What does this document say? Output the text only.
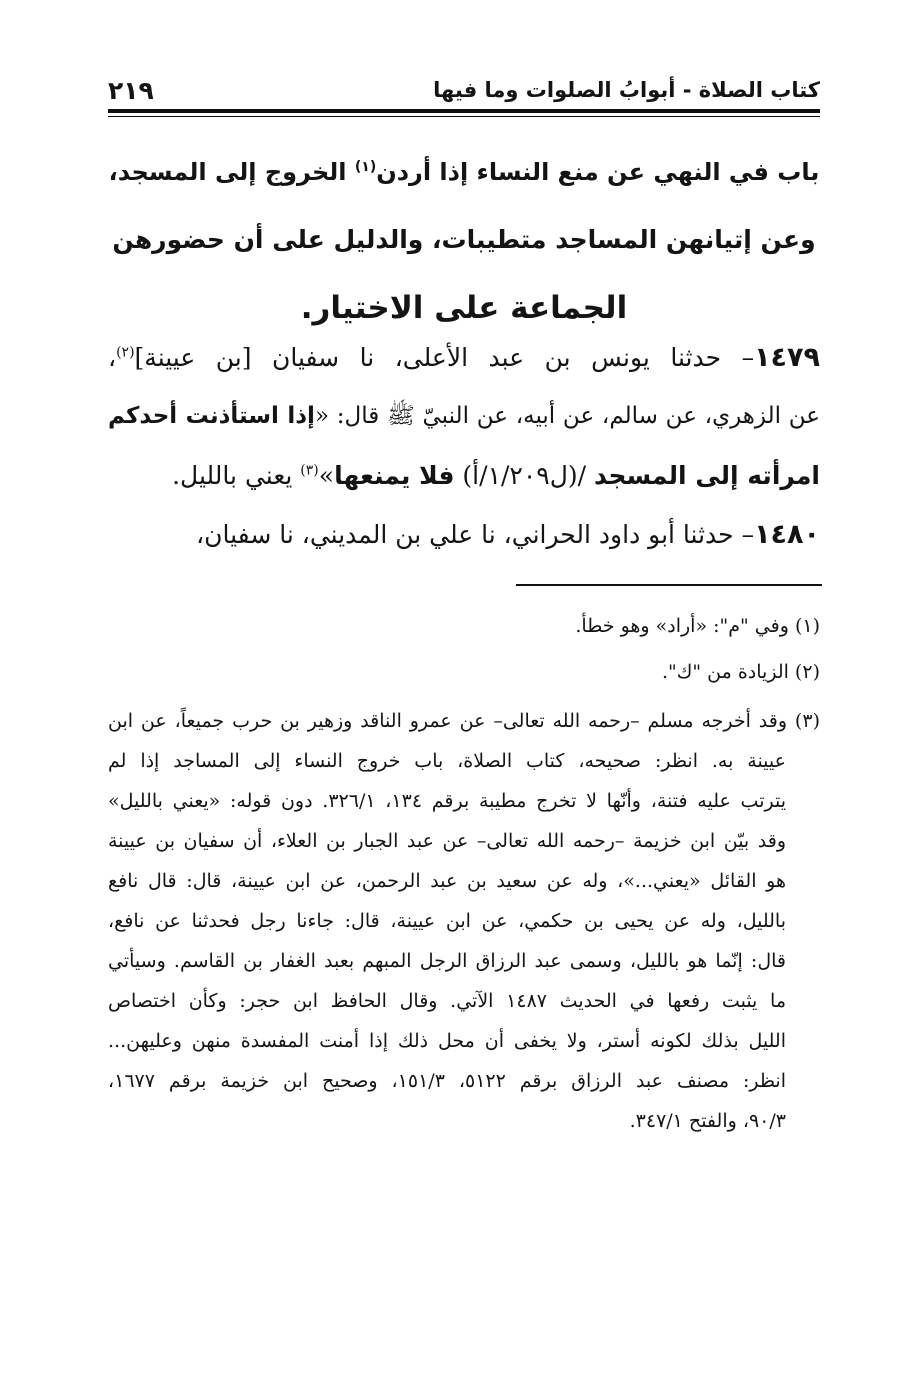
كتاب الصلاة - أبوابُ الصلوات وما فيها
٢١٩
باب في النهي عن منع النساء إذا أردن$^{(١)}$ الخروج إلى المسجد،
وعن إتيانهن المساجد متطيبات، والدليل على أن حضورهن
الجماعة على الاختيار.
١٤٧٩– حدثنا يونس بن عبد الأعلى، نا سفيان [بن عيينة]$^{(٢)}$،
عن الزهري، عن سالم، عن أبيه، عن النبيّ ﷺ قال: «إذا استأذنت أحدكم
امرأته إلى المسجد /(ل١/٢٠٩/أ) فلا يمنعها»$^{(٣)}$ يعني بالليل.
١٤٨٠– حدثنا أبو داود الحراني، نا علي بن المديني، نا سفيان،
(١) وفي "م": «أراد» وهو خطأ.
(٢) الزيادة من "ك".
(٣) وقد أخرجه مسلم –رحمه الله تعالى– عن عمرو الناقد وزهير بن حرب جميعاً، عن ابن
عيينة به. انظر: صحيحه، كتاب الصلاة، باب خروج النساء إلى المساجد إذا لم
يترتب عليه فتنة، وأنّها لا تخرج مطيبة برقم ١٣٤، ٣٢٦/١. دون قوله: «يعني بالليل»
وقد بيّن ابن خزيمة –رحمه الله تعالى– عن عبد الجبار بن العلاء، أن سفيان بن عيينة
هو القائل «يعني...»، وله عن سعيد بن عبد الرحمن، عن ابن عيينة، قال: قال نافع
بالليل، وله عن يحيى بن حكمي، عن ابن عيينة، قال: جاءنا رجل فحدثنا عن نافع،
قال: إنّما هو بالليل، وسمى عبد الرزاق الرجل المبهم بعبد الغفار بن القاسم. وسيأتي
ما يثبت رفعها في الحديث ١٤٨٧ الآتي. وقال الحافظ ابن حجر: وكأن اختصاص
الليل بذلك لكونه أستر، ولا يخفى أن محل ذلك إذا أمنت المفسدة منهن وعليهن...
انظر: مصنف عبد الرزاق برقم ٥١٢٢، ١٥١/٣، وصحيح ابن خزيمة برقم ١٦٧٧،
٩٠/٣، والفتح ٣٤٧/١.
